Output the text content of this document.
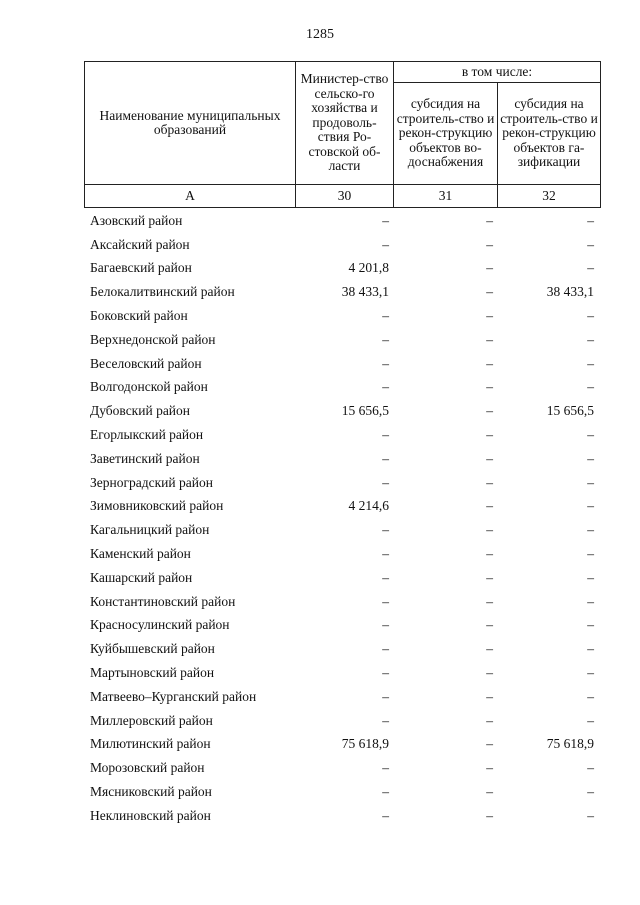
1285
Наименование муниципальных образований	Министер-ство сельско-го хозяйства и продоволь-ствия Ро-стовской об-ласти	в том числе:	
		субсидия на строитель-ство и рекон-струкцию объектов во-доснабжения	субсидия на строитель-ство и рекон-струкцию объектов га-зификации
А	30	31	32
Азовский район	–	–	–
Аксайский район	–	–	–
Багаевский район	4 201,8	–	–
Белокалитвинский район	38 433,1	–	38 433,1
Боковский район	–	–	–
Верхнедонской район	–	–	–
Веселовский район	–	–	–
Волгодонской район	–	–	–
Дубовский район	15 656,5	–	15 656,5
Егорлыкский район	–	–	–
Заветинский район	–	–	–
Зерноградский район	–	–	–
Зимовниковский район	4 214,6	–	–
Кагальницкий район	–	–	–
Каменский район	–	–	–
Кашарский район	–	–	–
Константиновский район	–	–	–
Красносулинский район	–	–	–
Куйбышевский район	–	–	–
Мартыновский район	–	–	–
Матвеево–Курганский район	–	–	–
Миллеровский район	–	–	–
Милютинский район	75 618,9	–	75 618,9
Морозовский район	–	–	–
Мясниковский район	–	–	–
Неклиновский район	–	–	–
